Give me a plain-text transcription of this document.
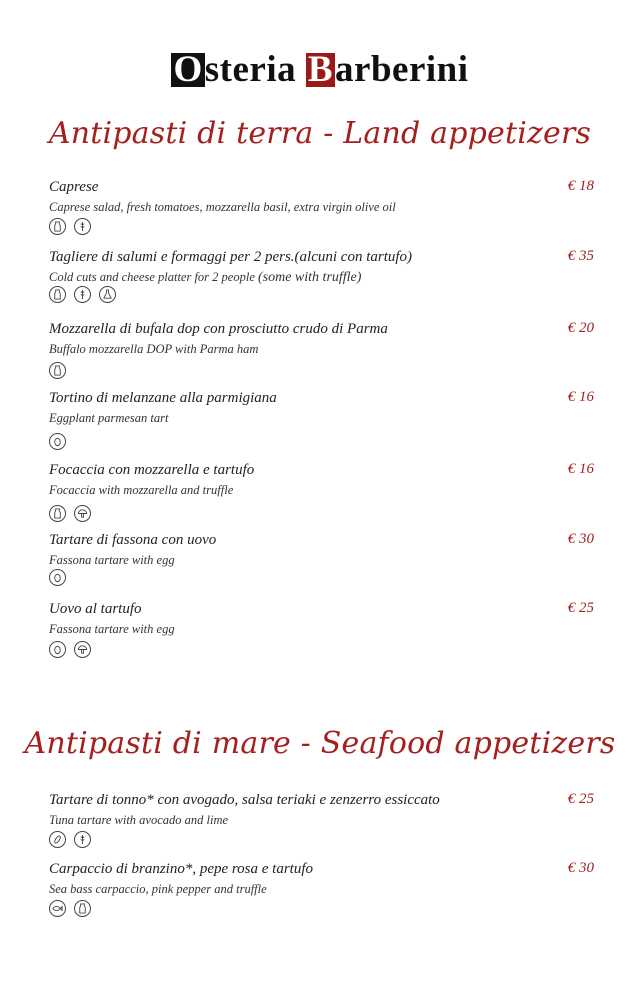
Osteria Barberini
Antipasti di terra - Land appetizers
Caprese
Caprese salad, fresh tomatoes, mozzarella basil, extra virgin olive oil
€ 18
Tagliere di salumi e formaggi per 2 pers.(alcuni con tartufo)
Cold cuts and cheese platter for 2 people (some with truffle)
€ 35
Mozzarella di bufala dop con prosciutto crudo di Parma
Buffalo mozzarella DOP with Parma ham
€ 20
Tortino di melanzane alla parmigiana
Eggplant parmesan tart
€ 16
Focaccia con mozzarella e tartufo
Focaccia with mozzarella and truffle
€ 16
Tartare di fassona con uovo
Fassona tartare with egg
€ 30
Uovo al tartufo
Fassona tartare with egg
€ 25
Antipasti di mare - Seafood appetizers
Tartare di tonno* con avogado, salsa teriaki e zenzerro essiccato
Tuna tartare with avocado and lime
€ 25
Carpaccio di branzino*, pepe rosa e tartufo
Sea bass carpaccio, pink pepper and truffle
€ 30
